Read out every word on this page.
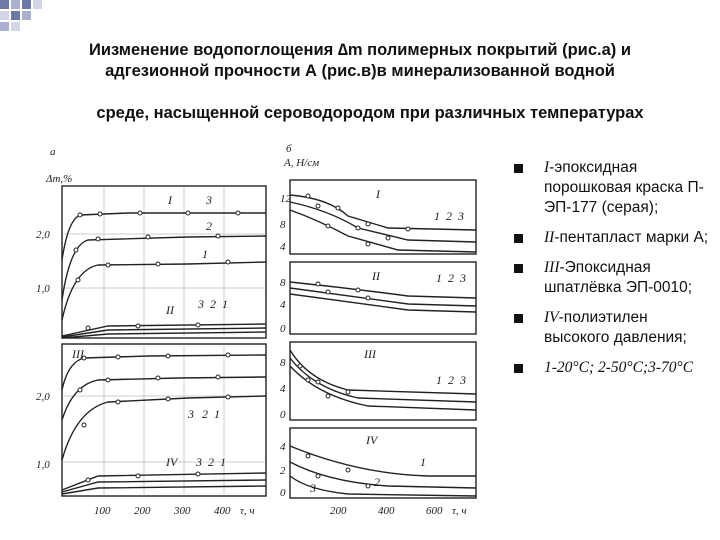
Иизменение водопоглощения ∆m полимерных покрытий (рис.а) и
адгезионной прочности А (рис.в)в минерализованной водной
среде, насыщенной сероводородом при различных температурах
а
Δm,%
2,0
1,0
2,0
1,0
I	3
2
1
II 3 2 1
III
3 2 1
IV 3 2 1
100 200 300 400 τ, ч
б
А, Н/см
12
8
4
I
1 2 3
8
4
0
II	1 2 3
8
4
0
III
1 2 3
4
2
0
IV
1
2
3
200	400	600 τ, ч
I-эпоксидная порошковая краска П-ЭП-177 (серая);
II-пентапласт марки А;
III-Эпоксидная шпатлёвка ЭП-0010;
IV-полиэтилен высокого давления;
1-20°С; 2-50°С;3-70°С
